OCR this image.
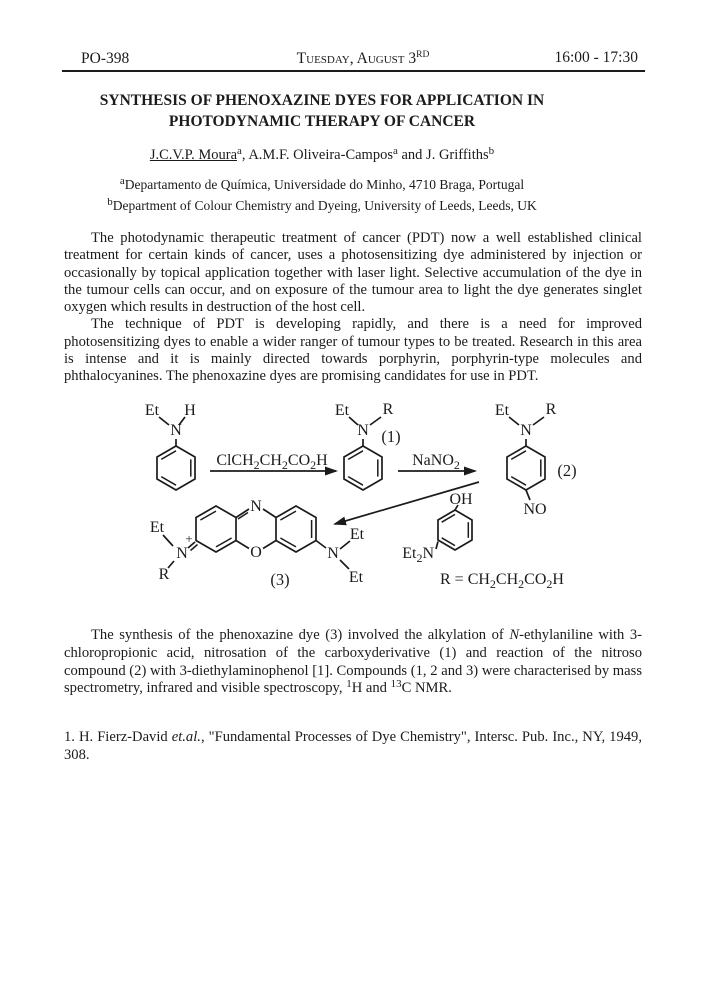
PO-398	Tuesday, August 3RD	16:00 - 17:30
SYNTHESIS OF PHENOXAZINE DYES FOR APPLICATION IN PHOTODYNAMIC THERAPY OF CANCER
J.C.V.P. Moura$^a$, A.M.F. Oliveira-Campos$^a$ and J. Griffiths$^b$
$^a$Departamento de Química, Universidade do Minho, 4710 Braga, Portugal
$^b$Department of Colour Chemistry and Dyeing, University of Leeds, Leeds, UK

The photodynamic therapeutic treatment of cancer (PDT) now a well established clinical treatment for certain kinds of cancer, uses a photosensitizing dye administered by injection or occasionally by topical application together with laser light. Selective accumulation of the dye in the tumour cells can occur, and on exposure of the tumour area to light the dye generates singlet oxygen which results in destruction of the host cell.

The technique of PDT is developing rapidly, and there is a need for improved photosensitizing dyes to enable a wider ranger of tumour types to be treated. Research in this area is intense and it is mainly directed towards porphyrin, porphyrin-type molecules and phthalocyanines. The phenoxazine dyes are promising candidates for use in PDT.

Et H
N
$ClCH_2CH_2CO_2H$
Et R
N (1)
NaNO$_2$
Et R
N
(2)
NO
N
O
N
+
Et
R
N
Et
Et
(3)
OH
$Et_2N$
$R = CH_2CH_2CO_2H$

The synthesis of the phenoxazine dye (3) involved the alkylation of N-ethylaniline with 3-chloropropionic acid, nitrosation of the carboxyderivative (1) and reaction of the nitroso compound (2) with 3-diethylaminophenol [1]. Compounds (1, 2 and 3) were characterised by mass spectrometry, infrared and visible spectroscopy, $^1$H and $^{13}$C NMR.

1. H. Fierz-David et.al., "Fundamental Processes of Dye Chemistry", Intersc. Pub. Inc., NY, 1949, 308.
